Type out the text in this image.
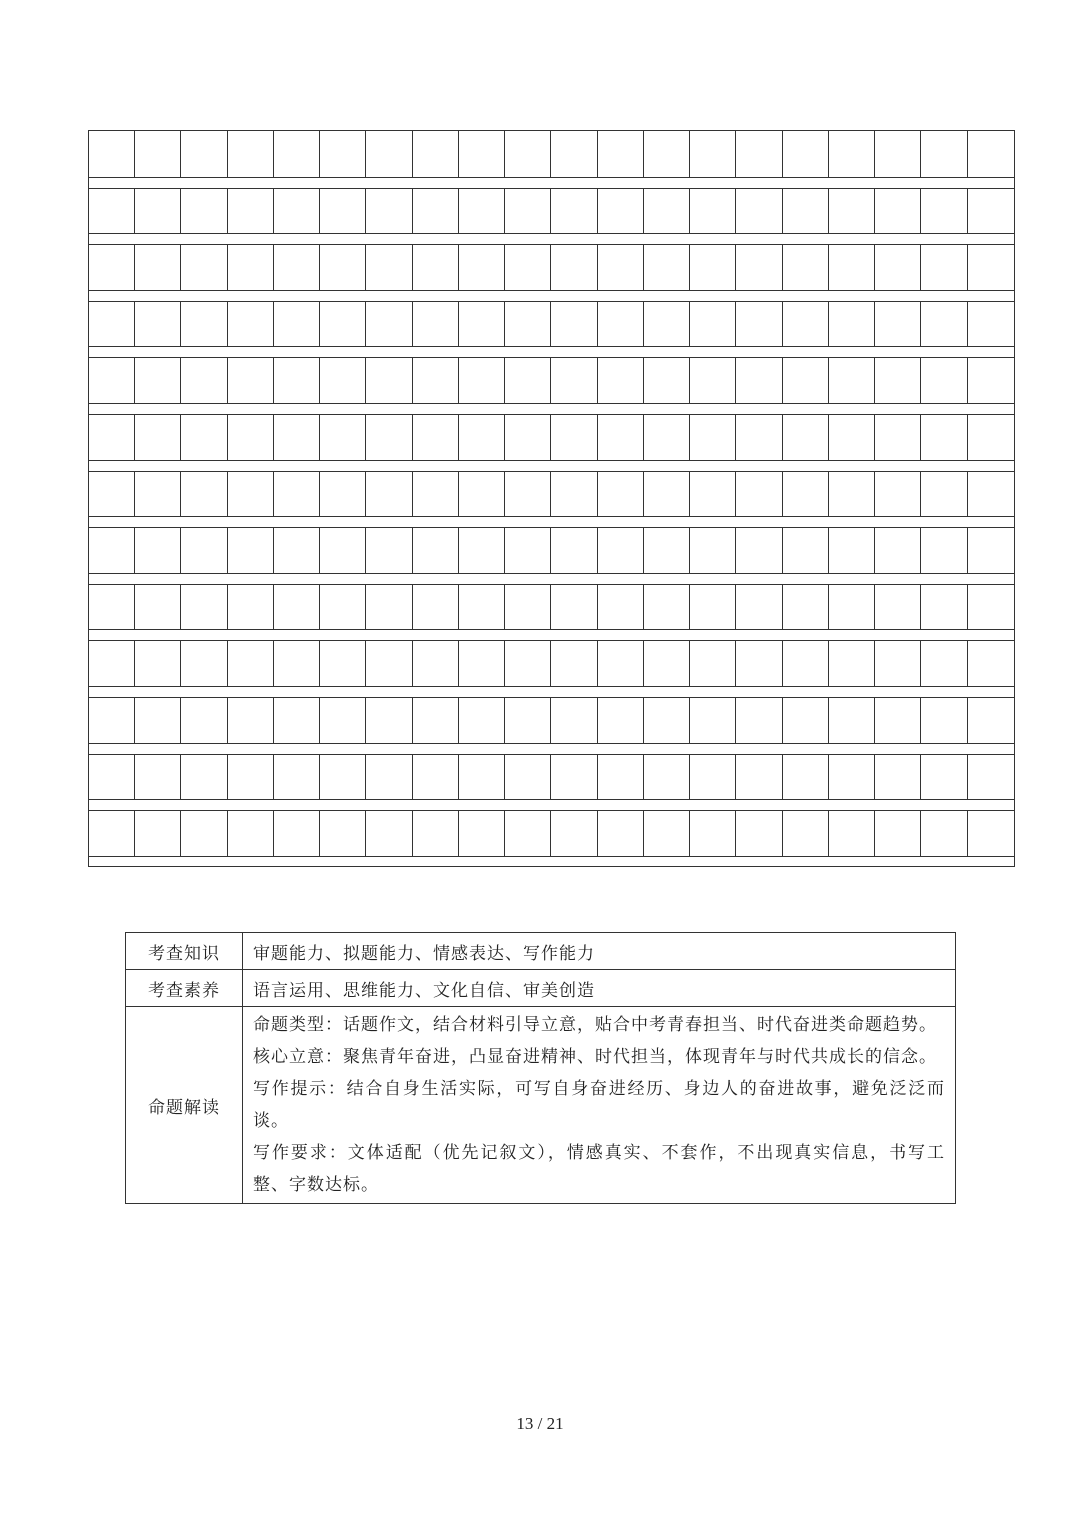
考查知识	审题能力、拟题能力、情感表达、写作能力
考查素养	语言运用、思维能力、文化自信、审美创造
命题解读	命题类型：话题作文，结合材料引导立意，贴合中考青春担当、时代奋进类命题趋势。
核心立意：聚焦青年奋进，凸显奋进精神、时代担当，体现青年与时代共成长的信念。
写作提示：结合自身生活实际，可写自身奋进经历、身边人的奋进故事，避免泛泛而谈。
写作要求：文体适配（优先记叙文），情感真实、不套作，不出现真实信息，书写工整、字数达标。
13 / 21
